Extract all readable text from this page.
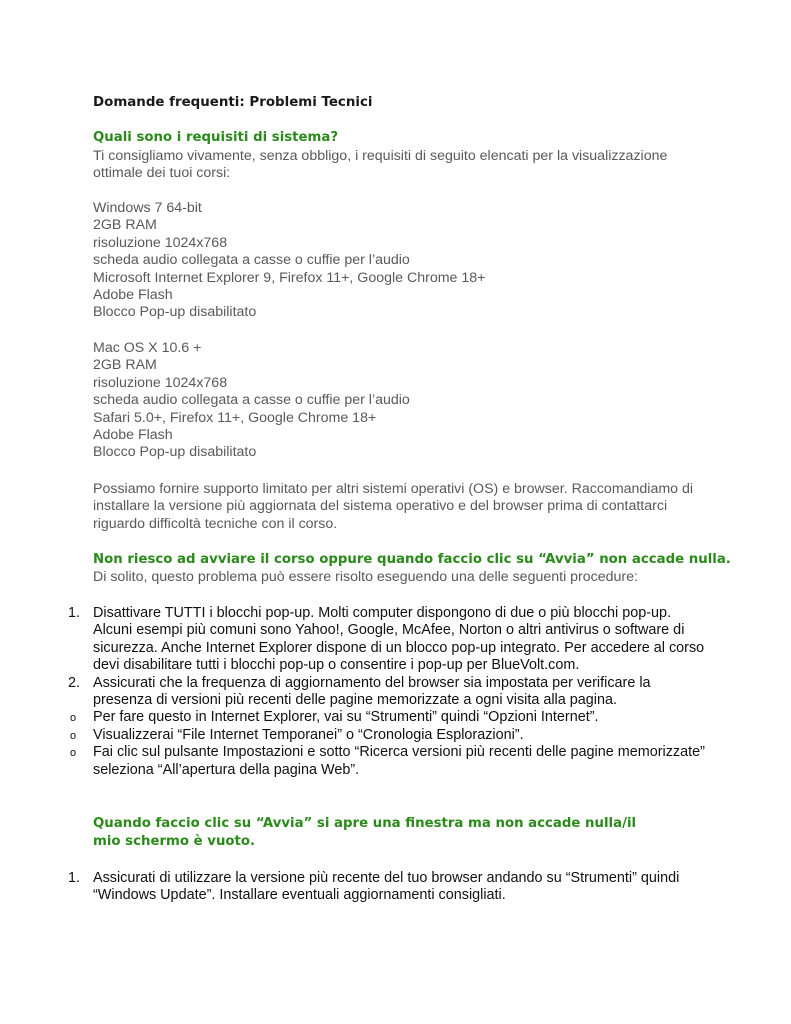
Domande frequenti: Problemi Tecnici
Quali sono i requisiti di sistema?
Ti consigliamo vivamente, senza obbligo, i requisiti di seguito elencati per la visualizzazione ottimale dei tuoi corsi:
Windows 7 64-bit
2GB RAM
risoluzione 1024x768
scheda audio collegata a casse o cuffie per l’audio
Microsoft Internet Explorer 9, Firefox 11+, Google Chrome 18+
Adobe Flash
Blocco Pop-up disabilitato
Mac OS X 10.6 +
2GB RAM
risoluzione 1024x768
scheda audio collegata a casse o cuffie per l’audio
Safari 5.0+, Firefox 11+, Google Chrome 18+
Adobe Flash
Blocco Pop-up disabilitato
Possiamo fornire supporto limitato per altri sistemi operativi (OS) e browser. Raccomandiamo di installare la versione più aggiornata del sistema operativo e del browser prima di contattarci riguardo difficoltà tecniche con il corso.
Non riesco ad avviare il corso oppure quando faccio clic su “Avvia” non accade nulla.
Di solito, questo problema può essere risolto eseguendo una delle seguenti procedure:
1. Disattivare TUTTI i blocchi pop-up. Molti computer dispongono di due o più blocchi pop-up. Alcuni esempi più comuni sono Yahoo!, Google, McAfee, Norton o altri antivirus o software di sicurezza. Anche Internet Explorer dispone di un blocco pop-up integrato. Per accedere al corso devi disabilitare tutti i blocchi pop-up o consentire i pop-up per BlueVolt.com.
2. Assicurati che la frequenza di aggiornamento del browser sia impostata per verificare la presenza di versioni più recenti delle pagine memorizzate a ogni visita alla pagina.
o	Per fare questo in Internet Explorer, vai su “Strumenti” quindi “Opzioni Internet”.
o	Visualizzerai “File Internet Temporanei” o “Cronologia Esplorazioni”.
o	Fai clic sul pulsante Impostazioni e sotto “Ricerca versioni più recenti delle pagine memorizzate” seleziona “All’apertura della pagina Web”.
Quando faccio clic su “Avvia” si apre una finestra ma non accade nulla/il mio schermo è vuoto.
1. Assicurati di utilizzare la versione più recente del tuo browser andando su “Strumenti” quindi “Windows Update”. Installare eventuali aggiornamenti consigliati.
